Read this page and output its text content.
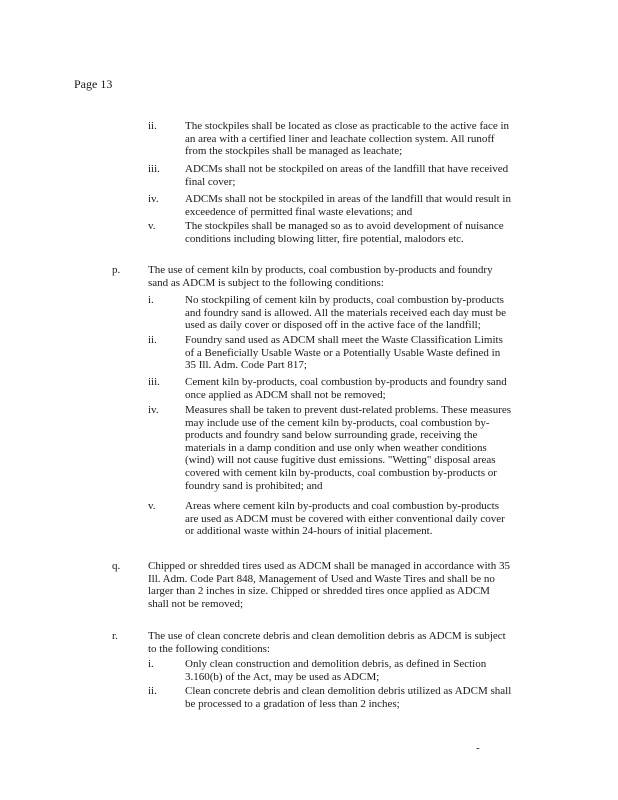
Page 13
ii.	The stockpiles shall be located as close as practicable to the active face in
an area with a certified liner and leachate collection system. All runoff
from the stockpiles shall be managed as leachate;
iii. ADCMs shall not be stockpiled on areas of the landfill that have received
final cover;
iv. ADCMs shall not be stockpiled in areas of the landfill that would result in
exceedence of permitted final waste elevations; and
v.	The stockpiles shall be managed so as to avoid development of nuisance
conditions including blowing litter, fire potential, malodors etc.
p.	The use of cement kiln by products, coal combustion by-products and foundry
sand as ADCM is subject to the following conditions:
i.	No stockpiling of cement kiln by products, coal combustion by-products
and foundry sand is allowed. All the materials received each day must be
used as daily cover or disposed off in the active face of the landfill;
ii.	Foundry sand used as ADCM shall meet the Waste Classification Limits
of a Beneficially Usable Waste or a Potentially Usable Waste defined in
35 Ill. Adm. Code Part 817;
iii. Cement kiln by-products, coal combustion by-products and foundry sand
once applied as ADCM shall not be removed;
iv. Measures shall be taken to prevent dust-related problems. These measures
may include use of the cement kiln by-products, coal combustion by-
products and foundry sand below surrounding grade, receiving the
materials in a damp condition and use only when weather conditions
(wind) will not cause fugitive dust emissions. "Wetting" disposal areas
covered with cement kiln by-products, coal combustion by-products or
foundry sand is prohibited; and
v.	Areas where cement kiln by-products and coal combustion by-products
are used as ADCM must be covered with either conventional daily cover
or additional waste within 24-hours of initial placement.
q.	Chipped or shredded tires used as ADCM shall be managed in accordance with 35
Ill. Adm. Code Part 848, Management of Used and Waste Tires and shall be no
larger than 2 inches in size. Chipped or shredded tires once applied as ADCM
shall not be removed;
r.	The use of clean concrete debris and clean demolition debris as ADCM is subject
to the following conditions:
i.	Only clean construction and demolition debris, as defined in Section
3.160(b) of the Act, may be used as ADCM;
ii.	Clean concrete debris and clean demolition debris utilized as ADCM shall
be processed to a gradation of less than 2 inches;
-
